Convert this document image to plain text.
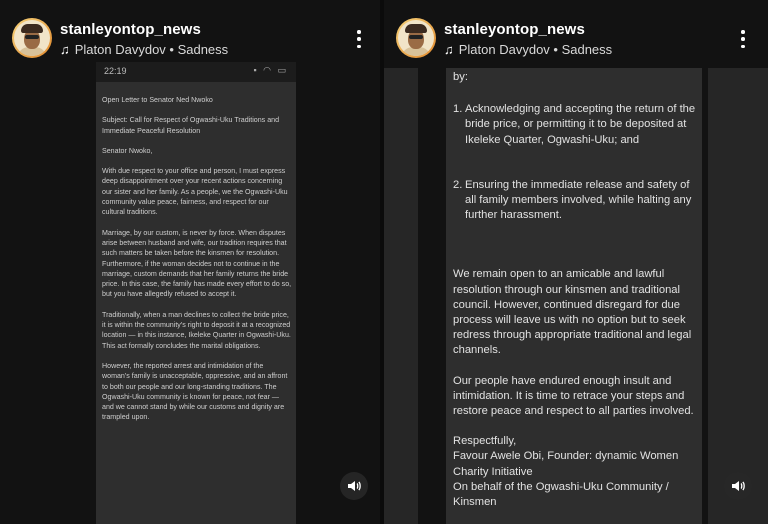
22:19	▪ ◠ ▭

Open Letter to Senator Ned Nwoko

Subject: Call for Respect of Ogwashi-Uku Traditions and Immediate Peaceful Resolution

Senator Nwoko,

With due respect to your office and person, I must express deep disappointment over your recent actions concerning our sister and her family. As a people, we the Ogwashi-Uku community value peace, fairness, and respect for our cultural traditions.

Marriage, by our custom, is never by force. When disputes arise between husband and wife, our tradition requires that such matters be taken before the kinsmen for resolution. Furthermore, if the woman decides not to continue in the marriage, custom demands that her family returns the bride price. In this case, the family has made every effort to do so, but you have allegedly refused to accept it.

Traditionally, when a man declines to collect the bride price, it is within the community's right to deposit it at a recognized location — in this instance, Ikeleke Quarter in Ogwashi-Uku. This act formally concludes the marital obligations.

However, the reported arrest and intimidation of the woman's family is unacceptable, oppressive, and an affront to both our people and our long-standing traditions. The Ogwashi-Uku community is known for peace, not fear — and we cannot stand by while our customs and dignity are trampled upon.

stanleyontop_news
♫ Platon Davydov • Sadness
by:
1. Acknowledging and accepting the return of the bride price, or permitting it to be deposited at Ikeleke Quarter, Ogwashi-Uku; and
2. Ensuring the immediate release and safety of all family members involved, while halting any further harassment.
We remain open to an amicable and lawful resolution through our kinsmen and traditional council. However, continued disregard for due process will leave us with no option but to seek redress through appropriate traditional and legal channels.
Our people have endured enough insult and intimidation. It is time to retrace your steps and restore peace and respect to all parties involved.
Respectfully,
Favour Awele Obi, Founder: dynamic Women Charity Initiative
On behalf of the Ogwashi-Uku Community / Kinsmen
stanleyontop_news
♫ Platon Davydov • Sadness
